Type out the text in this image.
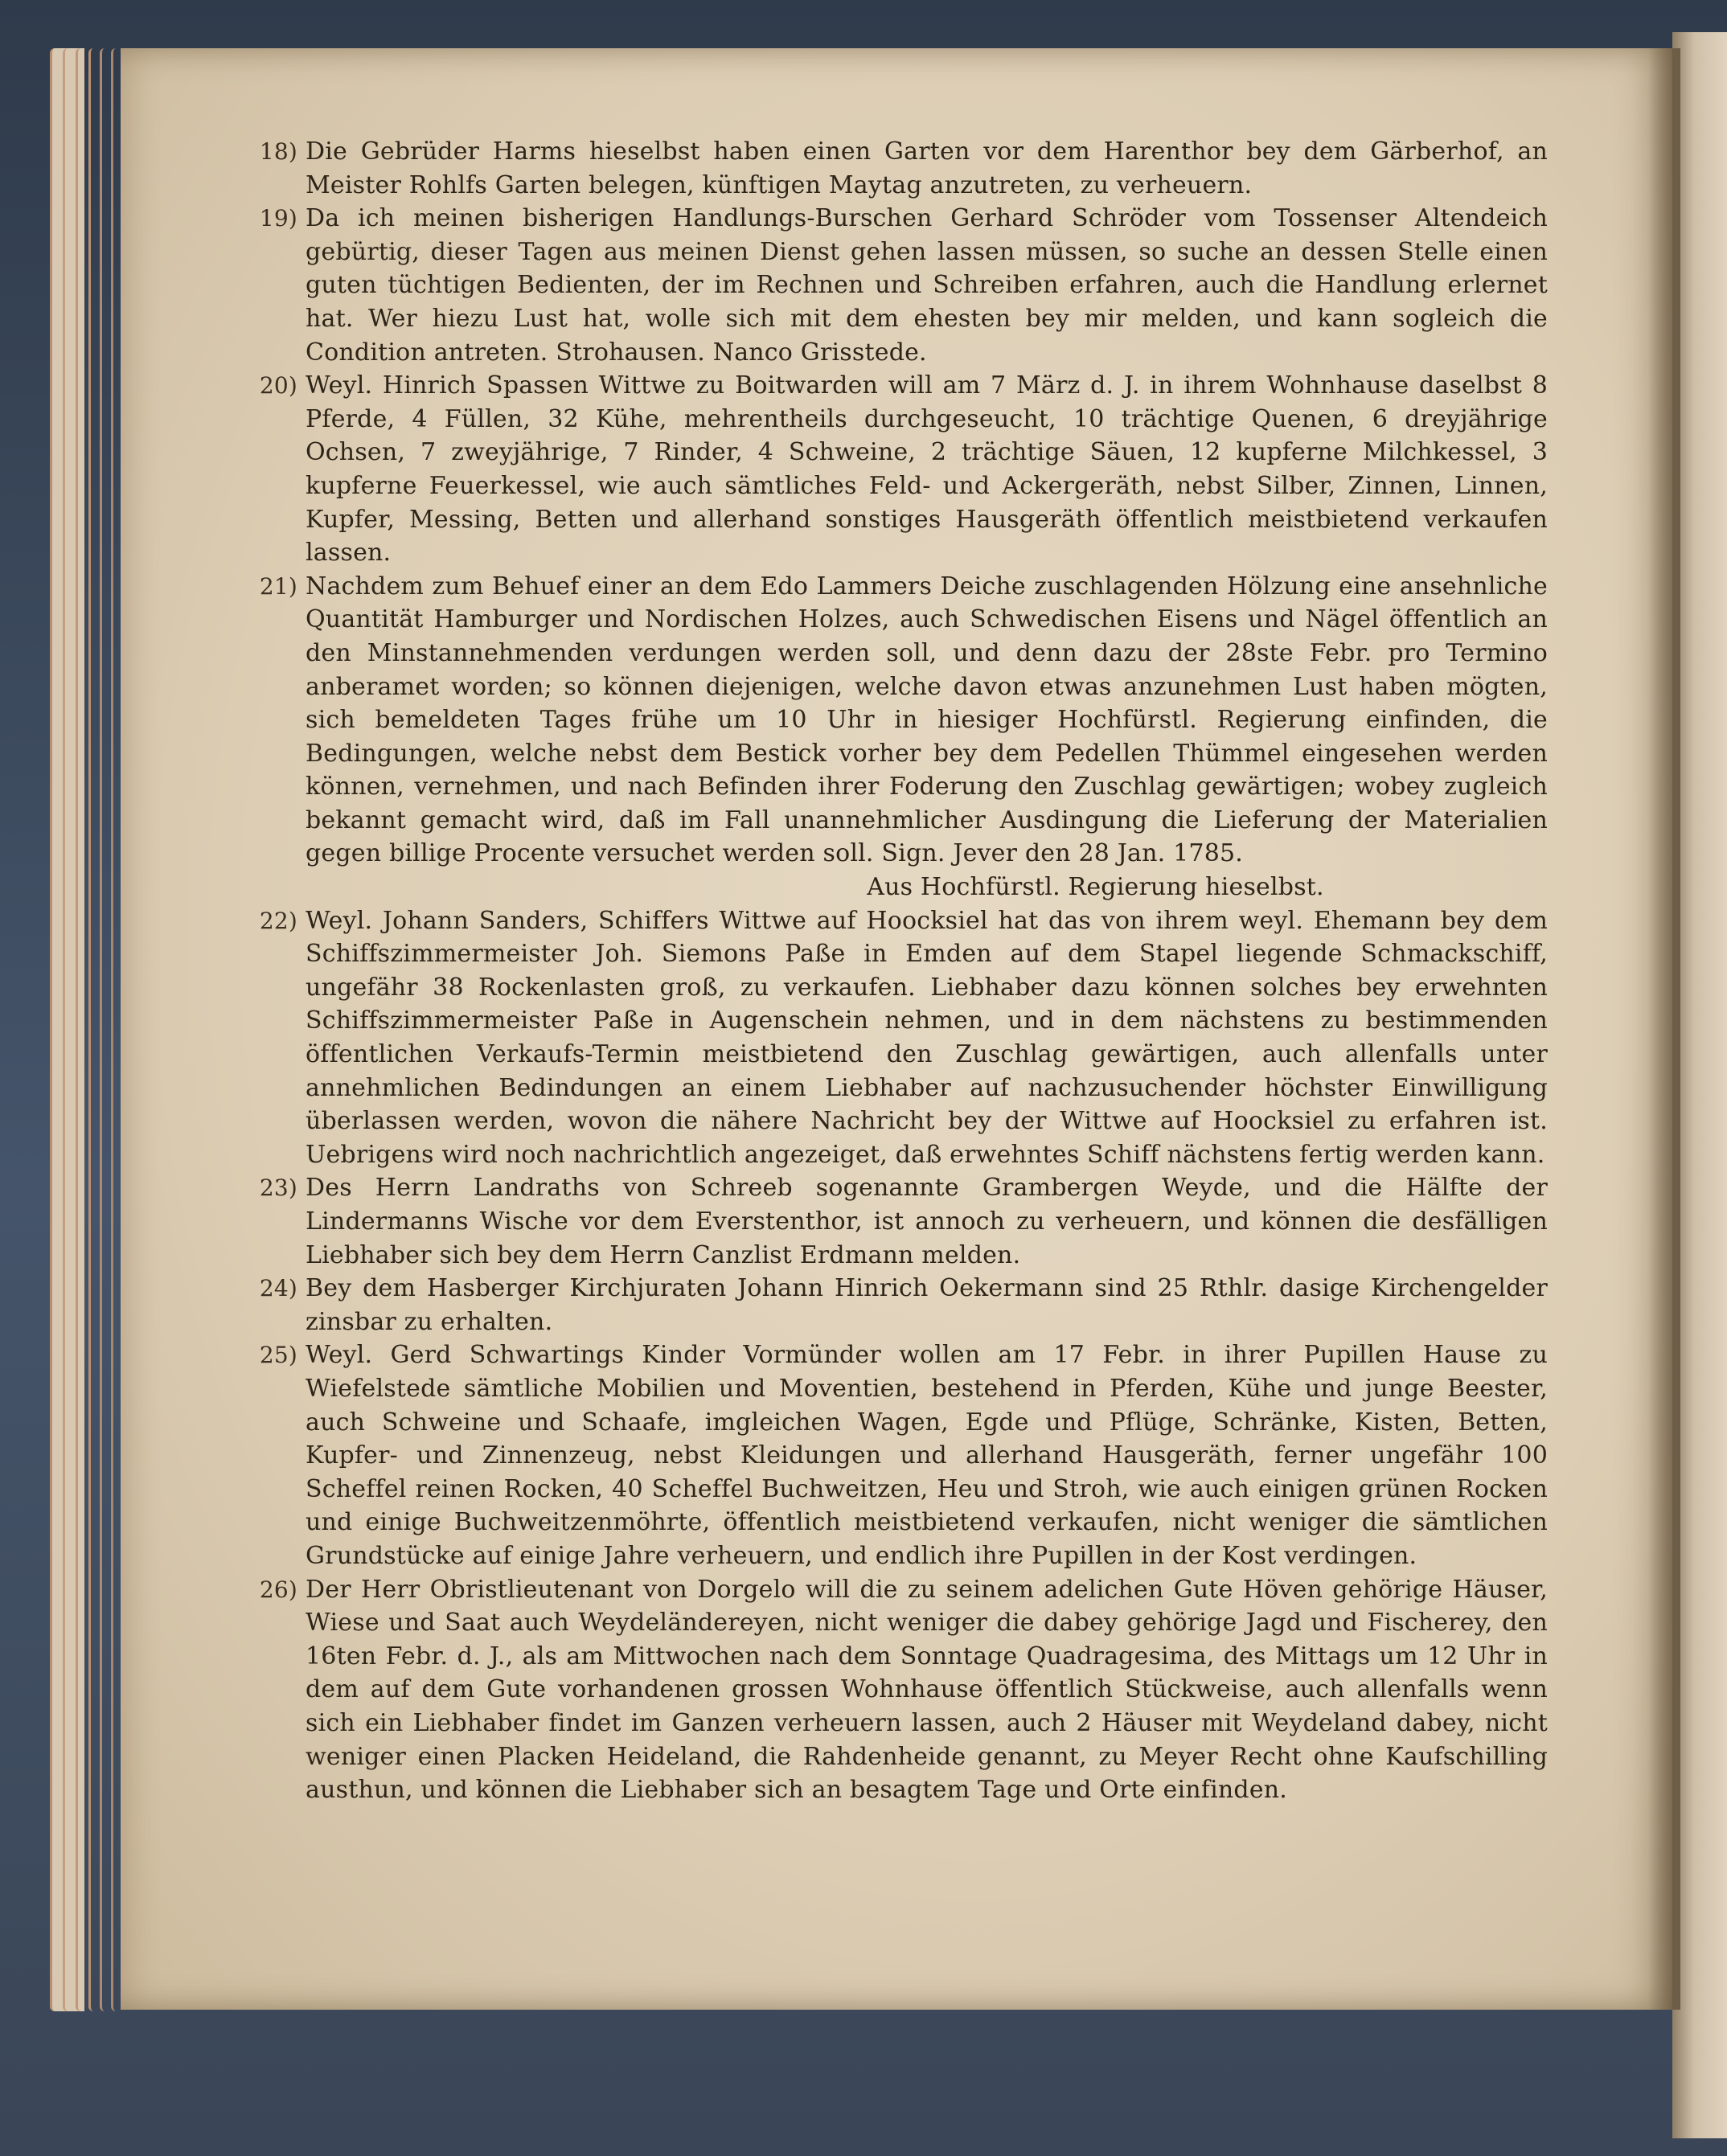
18) Die Gebrüder Harms hieselbst haben einen Garten vor dem Harenthor bey dem Gärberhof, an Meister Rohlfs Garten belegen, künftigen Maytag anzutreten, zu verheuern.
19) Da ich meinen bisherigen Handlungs-Burschen Gerhard Schröder vom Tossenser Altendeich gebürtig, dieser Tagen aus meinen Dienst gehen lassen müssen, so suche an dessen Stelle einen guten tüchtigen Bedienten, der im Rechnen und Schreiben erfahren, auch die Handlung erlernet hat. Wer hiezu Lust hat, wolle sich mit dem ehesten bey mir melden, und kann sogleich die Condition antreten. Strohausen. Nanco Grisstede.
20) Weyl. Hinrich Spassen Wittwe zu Boitwarden will am 7 März d. J. in ihrem Wohnhause daselbst 8 Pferde, 4 Füllen, 32 Kühe, mehrentheils durchgeseucht, 10 trächtige Quenen, 6 dreyjährige Ochsen, 7 zweyjährige, 7 Rinder, 4 Schweine, 2 trächtige Säuen, 12 kupferne Milchkessel, 3 kupferne Feuerkessel, wie auch sämtliches Feld- und Ackergeräth, nebst Silber, Zinnen, Linnen, Kupfer, Messing, Betten und allerhand sonstiges Hausgeräth öffentlich meistbietend verkaufen lassen.
21) Nachdem zum Behuef einer an dem Edo Lammers Deiche zuschlagenden Hölzung eine ansehnliche Quantität Hamburger und Nordischen Holzes, auch Schwedischen Eisens und Nägel öffentlich an den Minstannehmenden verdungen werden soll, und denn dazu der 28ste Febr. pro Termino anberamet worden; so können diejenigen, welche davon etwas anzunehmen Lust haben mögten, sich bemeldeten Tages frühe um 10 Uhr in hiesiger Hochfürstl. Regierung einfinden, die Bedingungen, welche nebst dem Bestick vorher bey dem Pedellen Thümmel eingesehen werden können, vernehmen, und nach Befinden ihrer Foderung den Zuschlag gewärtigen; wobey zugleich bekannt gemacht wird, daß im Fall unannehmlicher Ausdingung die Lieferung der Materialien gegen billige Procente versuchet werden soll. Sign. Jever den 28 Jan. 1785.
Aus Hochfürstl. Regierung hieselbst.
22) Weyl. Johann Sanders, Schiffers Wittwe auf Hoocksiel hat das von ihrem weyl. Ehemann bey dem Schiffszimmermeister Joh. Siemons Paße in Emden auf dem Stapel liegende Schmackschiff, ungefähr 38 Rockenlasten groß, zu verkaufen. Liebhaber dazu können solches bey erwehnten Schiffszimmermeister Paße in Augenschein nehmen, und in dem nächstens zu bestimmenden öffentlichen Verkaufs-Termin meistbietend den Zuschlag gewärtigen, auch allenfalls unter annehmlichen Bedindungen an einem Liebhaber auf nachzusuchender höchster Einwilligung überlassen werden, wovon die nähere Nachricht bey der Wittwe auf Hoocksiel zu erfahren ist. Uebrigens wird noch nachrichtlich angezeiget, daß erwehntes Schiff nächstens fertig werden kann.
23) Des Herrn Landraths von Schreeb sogenannte Grambergen Weyde, und die Hälfte der Lindermanns Wische vor dem Everstenthor, ist annoch zu verheuern, und können die desfälligen Liebhaber sich bey dem Herrn Canzlist Erdmann melden.
24) Bey dem Hasberger Kirchjuraten Johann Hinrich Oekermann sind 25 Rthlr. dasige Kirchengelder zinsbar zu erhalten.
25) Weyl. Gerd Schwartings Kinder Vormünder wollen am 17 Febr. in ihrer Pupillen Hause zu Wiefelstede sämtliche Mobilien und Moventien, bestehend in Pferden, Kühe und junge Beester, auch Schweine und Schaafe, imgleichen Wagen, Egde und Pflüge, Schränke, Kisten, Betten, Kupfer- und Zinnenzeug, nebst Kleidungen und allerhand Hausgeräth, ferner ungefähr 100 Scheffel reinen Rocken, 40 Scheffel Buchweitzen, Heu und Stroh, wie auch einigen grünen Rocken und einige Buchweitzenmöhrte, öffentlich meistbietend verkaufen, nicht weniger die sämtlichen Grundstücke auf einige Jahre verheuern, und endlich ihre Pupillen in der Kost verdingen.
26) Der Herr Obristlieutenant von Dorgelo will die zu seinem adelichen Gute Höven gehörige Häuser, Wiese und Saat auch Weydeländereyen, nicht weniger die dabey gehörige Jagd und Fischerey, den 16ten Febr. d. J., als am Mittwochen nach dem Sonntage Quadragesima, des Mittags um 12 Uhr in dem auf dem Gute vorhandenen grossen Wohnhause öffentlich Stückweise, auch allenfalls wenn sich ein Liebhaber findet im Ganzen verheuern lassen, auch 2 Häuser mit Weydeland dabey, nicht weniger einen Placken Heideland, die Rahdenheide genannt, zu Meyer Recht ohne Kaufschilling austhun, und können die Liebhaber sich an besagtem Tage und Orte einfinden.
